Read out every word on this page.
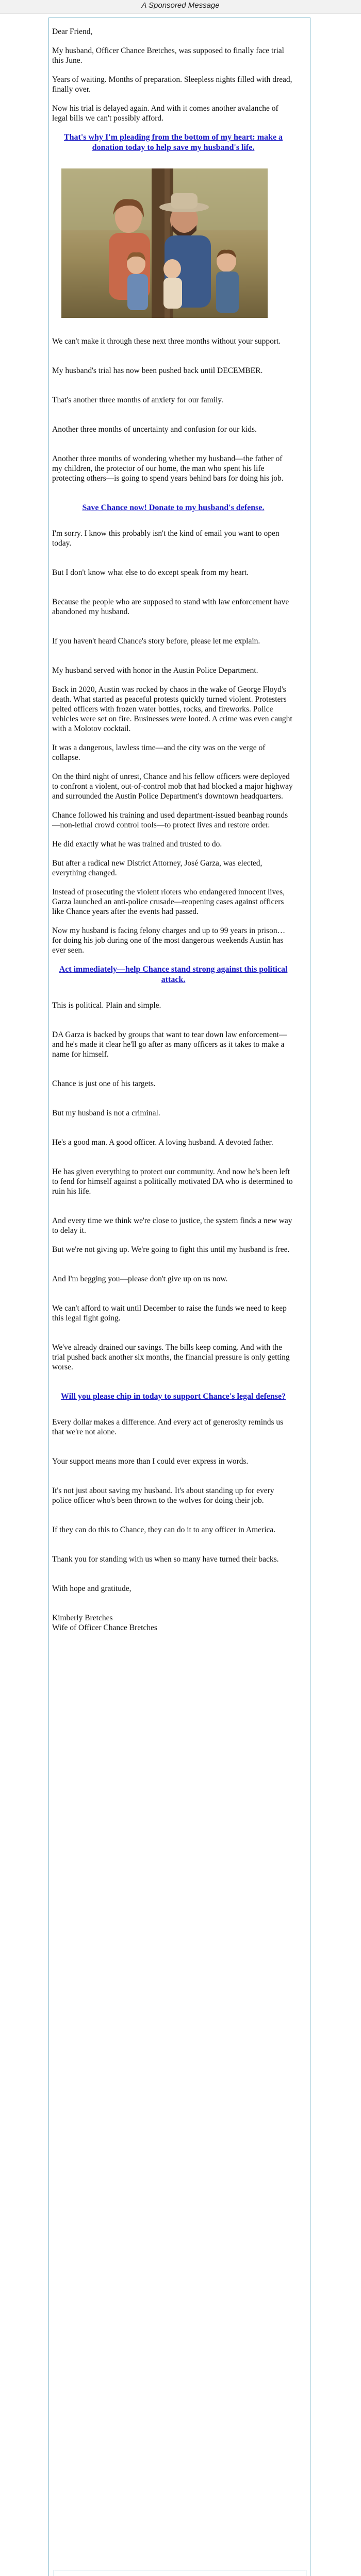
A Sponsored Message

Dear Friend,

My husband, Officer Chance Bretches, was supposed to finally face trial this June.

Years of waiting. Months of preparation. Sleepless nights filled with dread, finally over.

Now his trial is delayed again. And with it comes another avalanche of legal bills we can't possibly afford.

That's why I'm pleading from the bottom of my heart: make a donation today to help save my husband's life.

We can't make it through these next three months without your support.

My husband's trial has now been pushed back until DECEMBER.

That's another three months of anxiety for our family.

Another three months of uncertainty and confusion for our kids.

Another three months of wondering whether my husband—the father of my children, the protector of our home, the man who spent his life protecting others—is going to spend years behind bars for doing his job.

Save Chance now! Donate to my husband's defense.

I'm sorry. I know this probably isn't the kind of email you want to open today.

But I don't know what else to do except speak from my heart.

Because the people who are supposed to stand with law enforcement have abandoned my husband.

If you haven't heard Chance's story before, please let me explain.

My husband served with honor in the Austin Police Department.

Back in 2020, Austin was rocked by chaos in the wake of George Floyd's death. What started as peaceful protests quickly turned violent. Protesters pelted officers with frozen water bottles, rocks, and fireworks. Police vehicles were set on fire. Businesses were looted. A crime was even caught with a Molotov cocktail.

It was a dangerous, lawless time—and the city was on the verge of collapse.

On the third night of unrest, Chance and his fellow officers were deployed to confront a violent, out-of-control mob that had blocked a major highway and surrounded the Austin Police Department's downtown headquarters.

Chance followed his training and used department-issued beanbag rounds—non-lethal crowd control tools—to protect lives and restore order.

He did exactly what he was trained and trusted to do.

But after a radical new District Attorney, José Garza, was elected, everything changed.

Instead of prosecuting the violent rioters who endangered innocent lives, Garza launched an anti-police crusade—reopening cases against officers like Chance years after the events had passed.

Now my husband is facing felony charges and up to 99 years in prison… for doing his job during one of the most dangerous weekends Austin has ever seen.

Act immediately—help Chance stand strong against this political attack.

This is political. Plain and simple.

DA Garza is backed by groups that want to tear down law enforcement—and he's made it clear he'll go after as many officers as it takes to make a name for himself.

Chance is just one of his targets.

But my husband is not a criminal.

He's a good man. A good officer. A loving husband. A devoted father.

He has given everything to protect our community. And now he's been left to fend for himself against a politically motivated DA who is determined to ruin his life.

And every time we think we're close to justice, the system finds a new way to delay it.

But we're not giving up. We're going to fight this until my husband is free.

And I'm begging you—please don't give up on us now.

We can't afford to wait until December to raise the funds we need to keep this legal fight going.

We've already drained our savings. The bills keep coming. And with the trial pushed back another six months, the financial pressure is only getting worse.

Will you please chip in today to support Chance's legal defense?

Every dollar makes a difference. And every act of generosity reminds us that we're not alone.

Your support means more than I could ever express in words.

It's not just about saving my husband. It's about standing up for every police officer who's been thrown to the wolves for doing their job.

If they can do this to Chance, they can do it to any officer in America.

Thank you for standing with us when so many have turned their backs.

With hope and gratitude,

Kimberly Bretches

Wife of Officer Chance Bretches
